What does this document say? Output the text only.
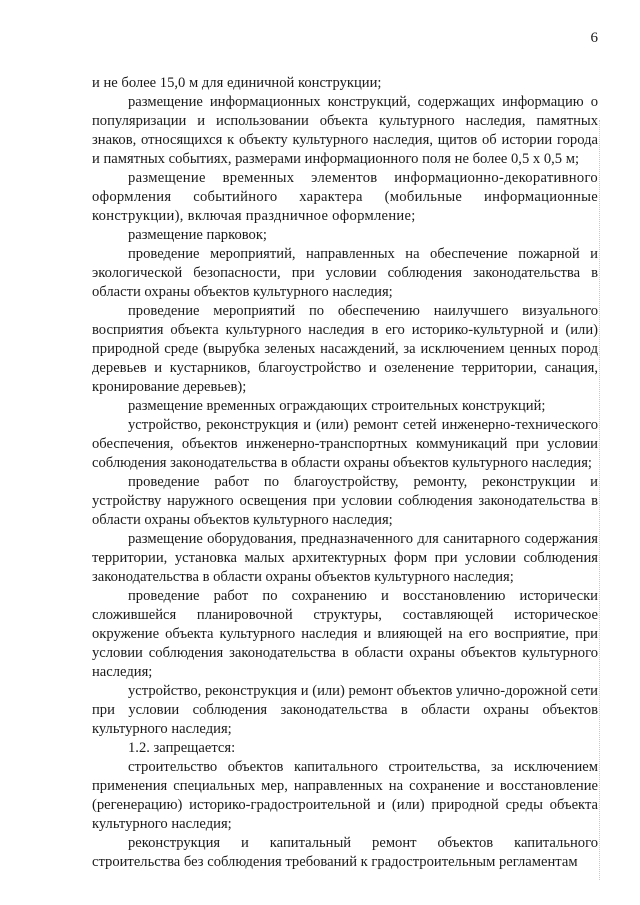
6

и не более 15,0 м для единичной конструкции;

размещение информационных конструкций, содержащих информацию о популяризации и использовании объекта культурного наследия, памятных знаков, относящихся к объекту культурного наследия, щитов об истории города и памятных событиях, размерами информационного поля не более 0,5 х 0,5 м;

размещение временных элементов информационно-декоративного оформления событийного характера (мобильные информационные конструкции), включая праздничное оформление;

размещение парковок;

проведение мероприятий, направленных на обеспечение пожарной и экологической безопасности, при условии соблюдения законодательства в области охраны объектов культурного наследия;

проведение мероприятий по обеспечению наилучшего визуального восприятия объекта культурного наследия в его историко-культурной и (или) природной среде (вырубка зеленых насаждений, за исключением ценных пород деревьев и кустарников, благоустройство и озеленение территории, санация, кронирование деревьев);

размещение временных ограждающих строительных конструкций;

устройство, реконструкция и (или) ремонт сетей инженерно-технического обеспечения, объектов инженерно-транспортных коммуникаций при условии соблюдения законодательства в области охраны объектов культурного наследия;

проведение работ по благоустройству, ремонту, реконструкции и устройству наружного освещения при условии соблюдения законодательства в области охраны объектов культурного наследия;

размещение оборудования, предназначенного для санитарного содержания территории, установка малых архитектурных форм при условии соблюдения законодательства в области охраны объектов культурного наследия;

проведение работ по сохранению и восстановлению исторически сложившейся планировочной структуры, составляющей историческое окружение объекта культурного наследия и влияющей на его восприятие, при условии соблюдения законодательства в области охраны объектов культурного наследия;

устройство, реконструкция и (или) ремонт объектов улично-дорожной сети при условии соблюдения законодательства в области охраны объектов культурного наследия;

1.2. запрещается:

строительство объектов капитального строительства, за исключением применения специальных мер, направленных на сохранение и восстановление (регенерацию) историко-градостроительной и (или) природной среды объекта культурного наследия;

реконструкция и капитальный ремонт объектов капитального строительства без соблюдения требований к градостроительным регламентам
